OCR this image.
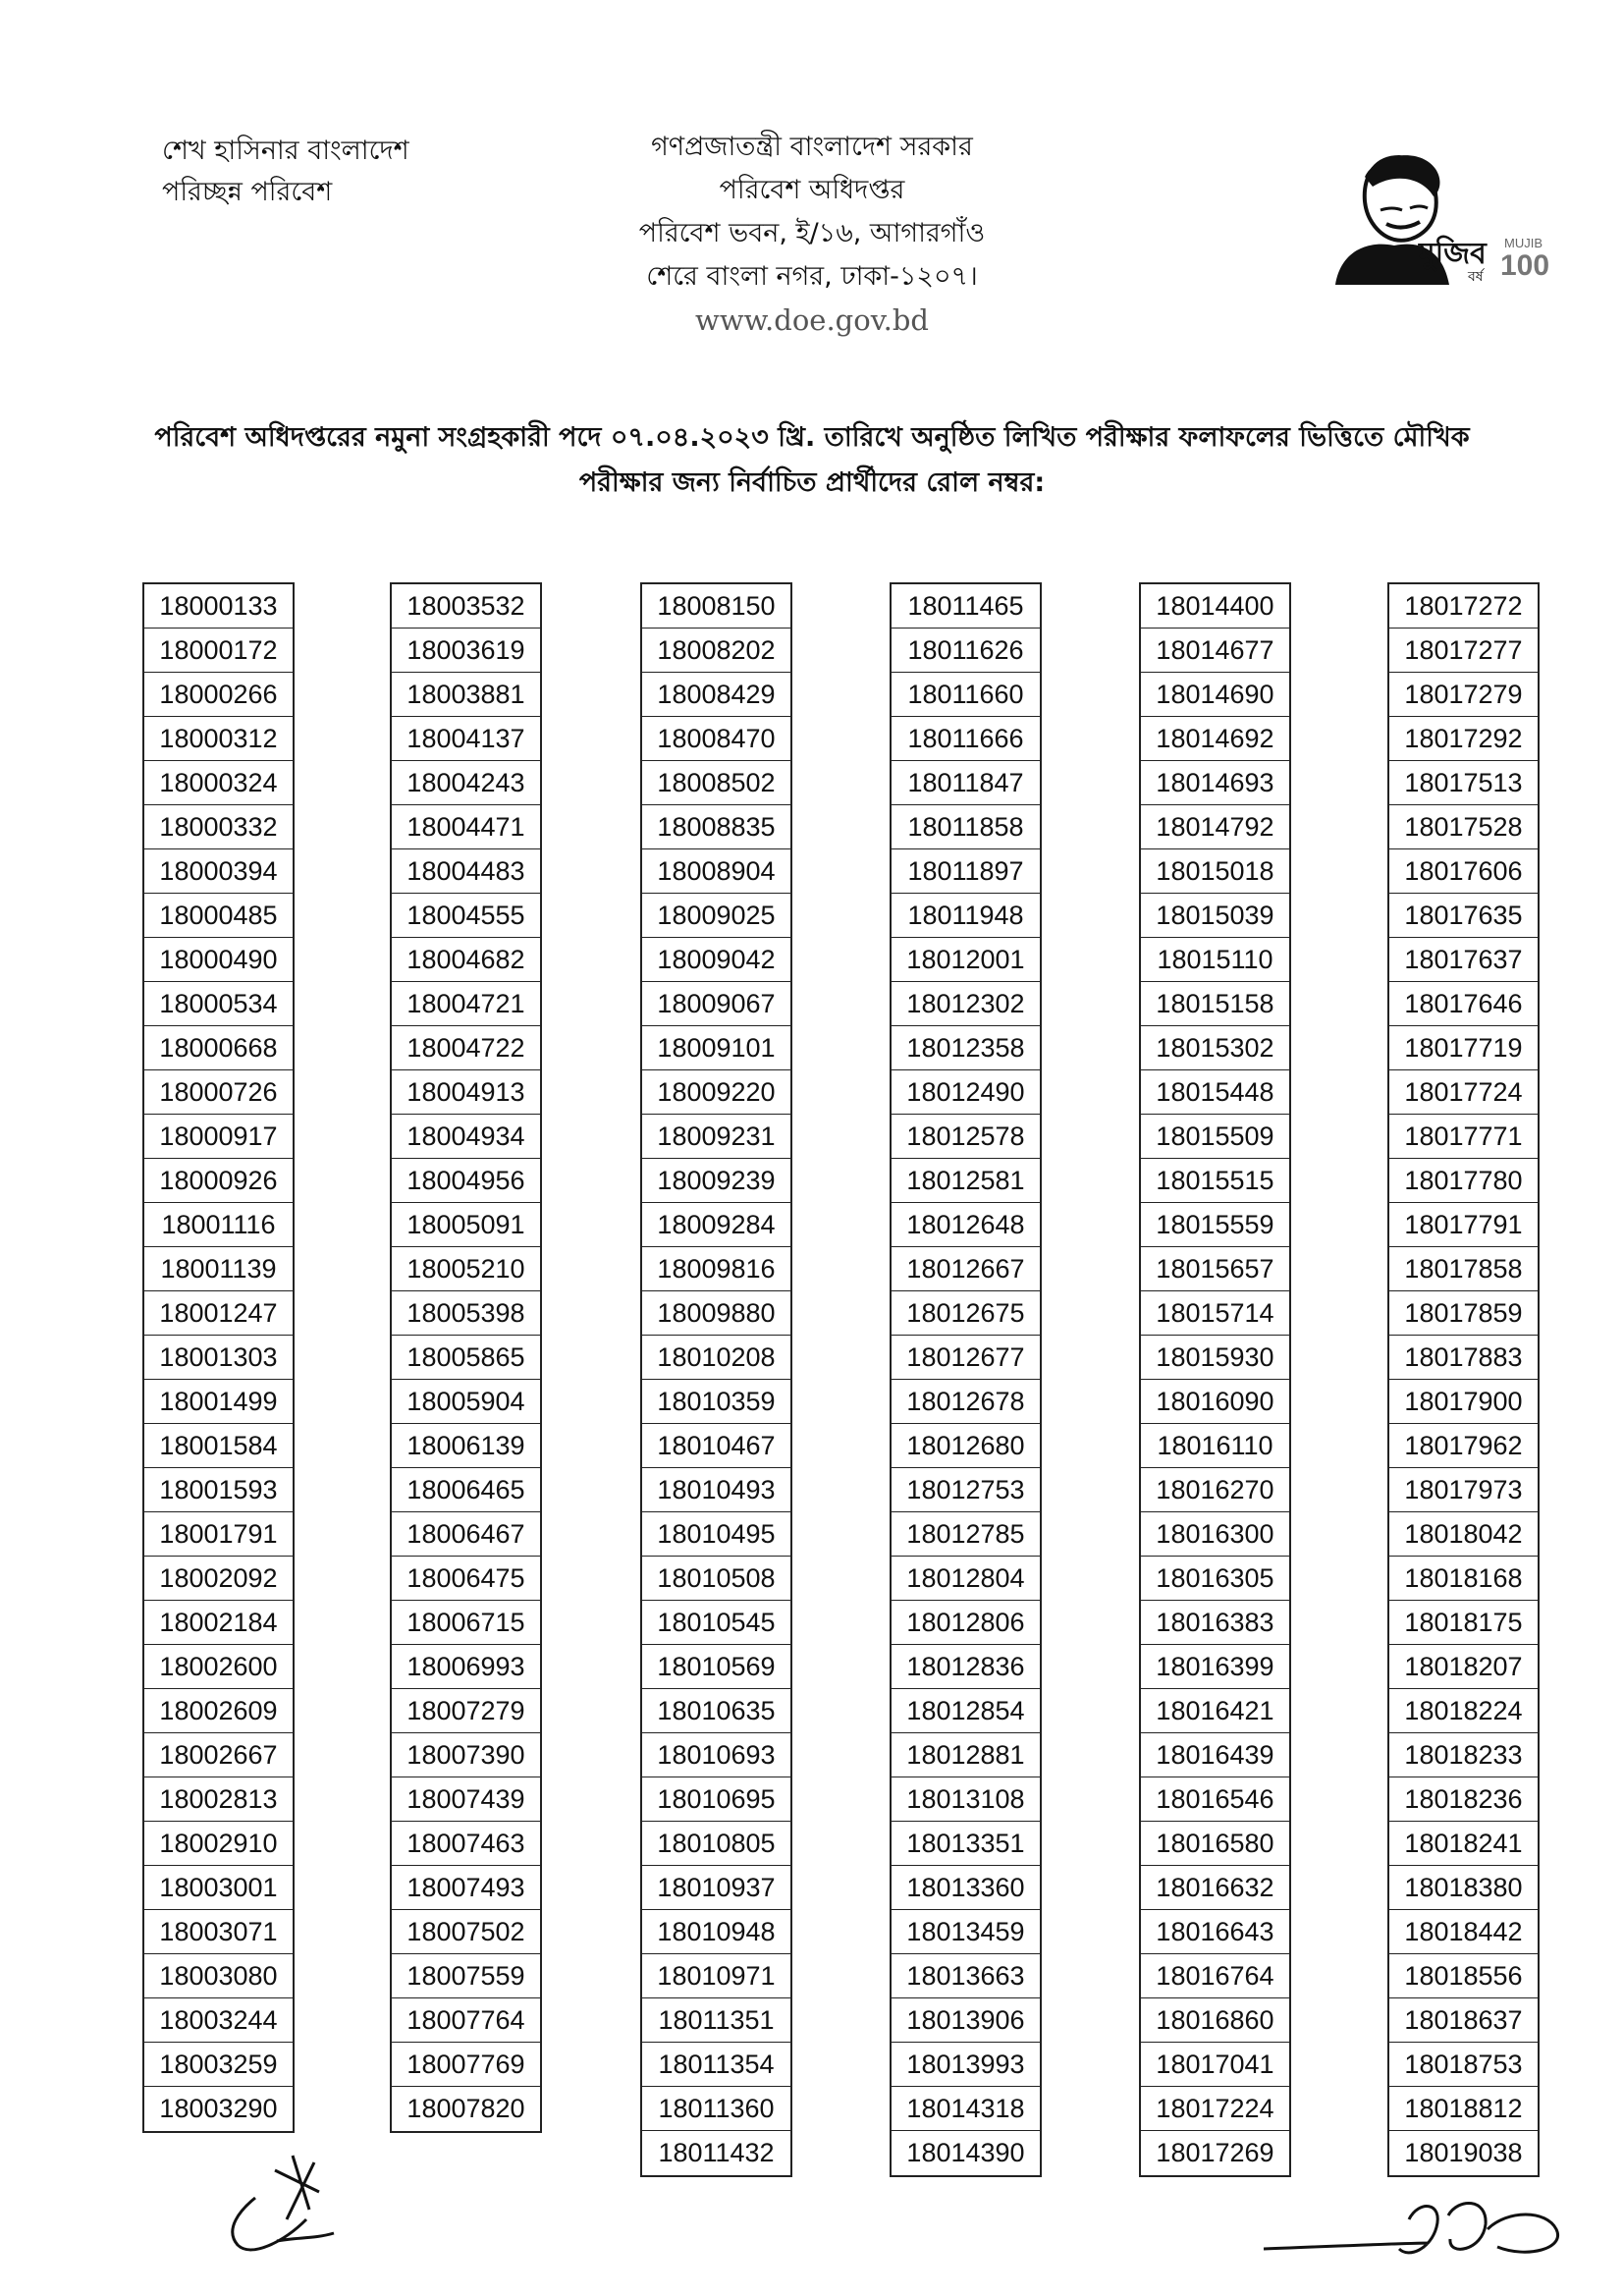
শেখ হাসিনার বাংলাদেশ
পরিচ্ছন্ন পরিবেশ
গণপ্রজাতন্ত্রী বাংলাদেশ সরকার
পরিবেশ অধিদপ্তর
পরিবেশ ভবন, ই/১৬, আগারগাঁও
শেরে বাংলা নগর, ঢাকা-১২০৭।
www.doe.gov.bd
মুজিব
বর্ষ
MUJIB
100
পরিবেশ অধিদপ্তরের নমুনা সংগ্রহকারী পদে ০৭.০৪.২০২৩ খ্রি. তারিখে অনুষ্ঠিত লিখিত পরীক্ষার ফলাফলের ভিত্তিতে মৌখিক
পরীক্ষার জন্য নির্বাচিত প্রার্থীদের রোল নম্বর:
18000133
18000172
18000266
18000312
18000324
18000332
18000394
18000485
18000490
18000534
18000668
18000726
18000917
18000926
18001116
18001139
18001247
18001303
18001499
18001584
18001593
18001791
18002092
18002184
18002600
18002609
18002667
18002813
18002910
18003001
18003071
18003080
18003244
18003259
18003290
18003532
18003619
18003881
18004137
18004243
18004471
18004483
18004555
18004682
18004721
18004722
18004913
18004934
18004956
18005091
18005210
18005398
18005865
18005904
18006139
18006465
18006467
18006475
18006715
18006993
18007279
18007390
18007439
18007463
18007493
18007502
18007559
18007764
18007769
18007820
18008150
18008202
18008429
18008470
18008502
18008835
18008904
18009025
18009042
18009067
18009101
18009220
18009231
18009239
18009284
18009816
18009880
18010208
18010359
18010467
18010493
18010495
18010508
18010545
18010569
18010635
18010693
18010695
18010805
18010937
18010948
18010971
18011351
18011354
18011360
18011432
18011465
18011626
18011660
18011666
18011847
18011858
18011897
18011948
18012001
18012302
18012358
18012490
18012578
18012581
18012648
18012667
18012675
18012677
18012678
18012680
18012753
18012785
18012804
18012806
18012836
18012854
18012881
18013108
18013351
18013360
18013459
18013663
18013906
18013993
18014318
18014390
18014400
18014677
18014690
18014692
18014693
18014792
18015018
18015039
18015110
18015158
18015302
18015448
18015509
18015515
18015559
18015657
18015714
18015930
18016090
18016110
18016270
18016300
18016305
18016383
18016399
18016421
18016439
18016546
18016580
18016632
18016643
18016764
18016860
18017041
18017224
18017269
18017272
18017277
18017279
18017292
18017513
18017528
18017606
18017635
18017637
18017646
18017719
18017724
18017771
18017780
18017791
18017858
18017859
18017883
18017900
18017962
18017973
18018042
18018168
18018175
18018207
18018224
18018233
18018236
18018241
18018380
18018442
18018556
18018637
18018753
18018812
18019038
